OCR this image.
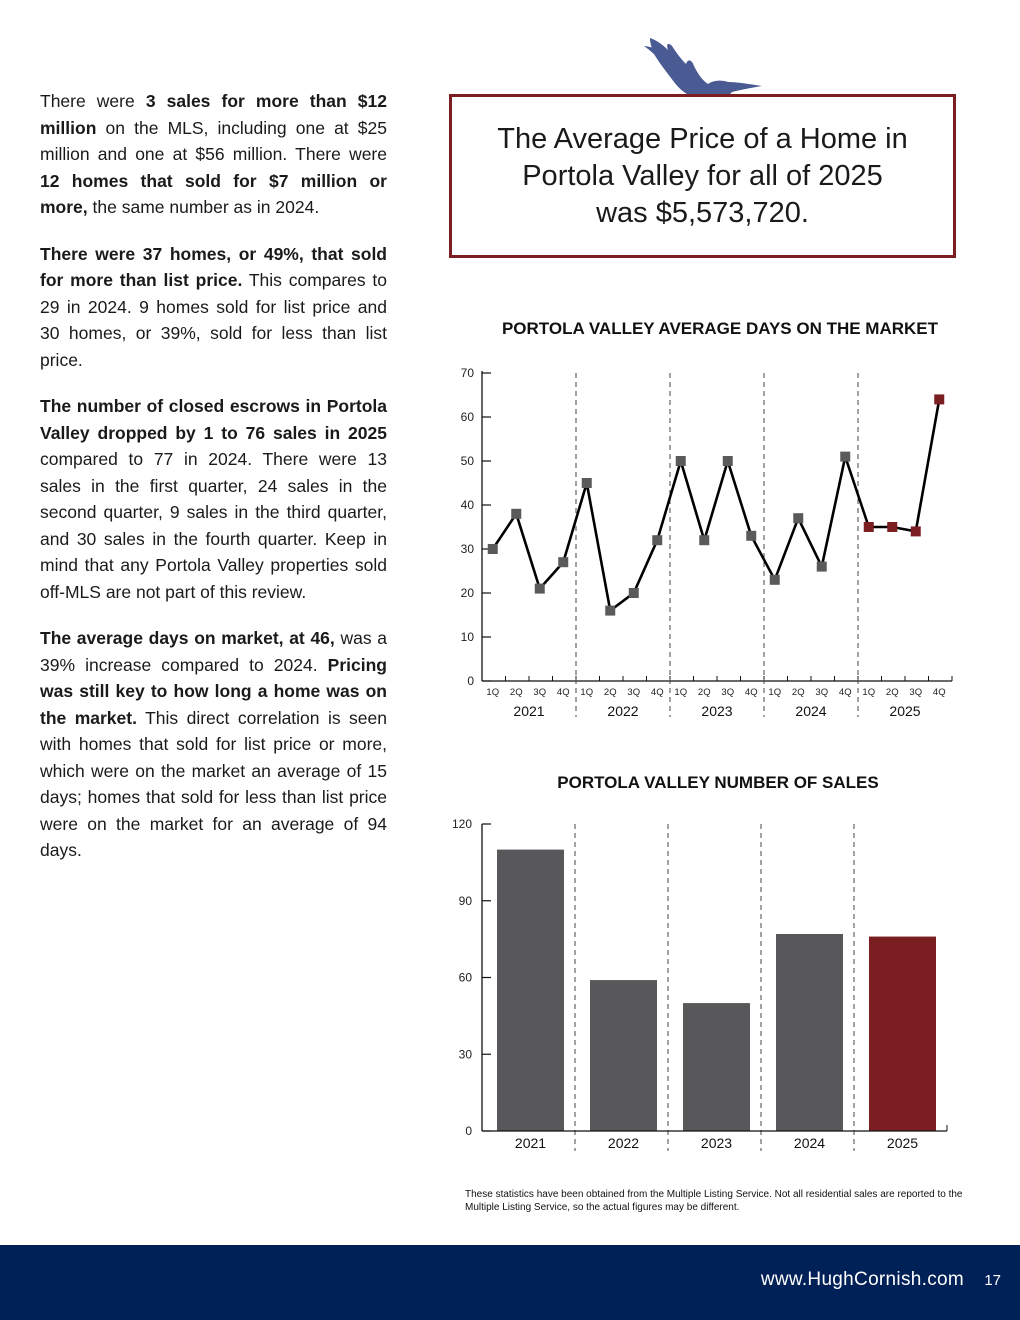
There were 3 sales for more than $12 million on the MLS, including one at $25 million and one at $56 million. There were 12 homes that sold for $7 million or more, the same number as in 2024.

There were 37 homes, or 49%, that sold for more than list price. This compares to 29 in 2024. 9 homes sold for list price and 30 homes, or 39%, sold for less than list price.

The number of closed escrows in Portola Valley dropped by 1 to 76 sales in 2025 compared to 77 in 2024. There were 13 sales in the first quarter, 24 sales in the second quarter, 9 sales in the third quarter, and 30 sales in the fourth quarter. Keep in mind that any Portola Valley properties sold off-MLS are not part of this review.

The average days on market, at 46, was a 39% increase compared to 2024. Pricing was still key to how long a home was on the market. This direct correlation is seen with homes that sold for list price or more, which were on the market an average of 15 days; homes that sold for less than list price were on the market for an average of 94 days.

The Average Price of a Home in
Portola Valley for all of 2025
was $5,573,720.
PORTOLA VALLEY AVERAGE DAYS ON THE MARKET
0
10
20
30
40
50
60
70
1Q 2Q 3Q 4Q 1Q 2Q 3Q 4Q 1Q 2Q 3Q 4Q 1Q 2Q 3Q 4Q 1Q 2Q 3Q 4Q
2021	2022	2023	2024	2025
PORTOLA VALLEY NUMBER OF SALES
0
30
60
90
120
2021	2022	2023	2024	2025
These statistics have been obtained from the Multiple Listing Service. Not all residential sales are reported to the Multiple Listing Service, so the actual figures may be different.
www.HughCornish.com 17
